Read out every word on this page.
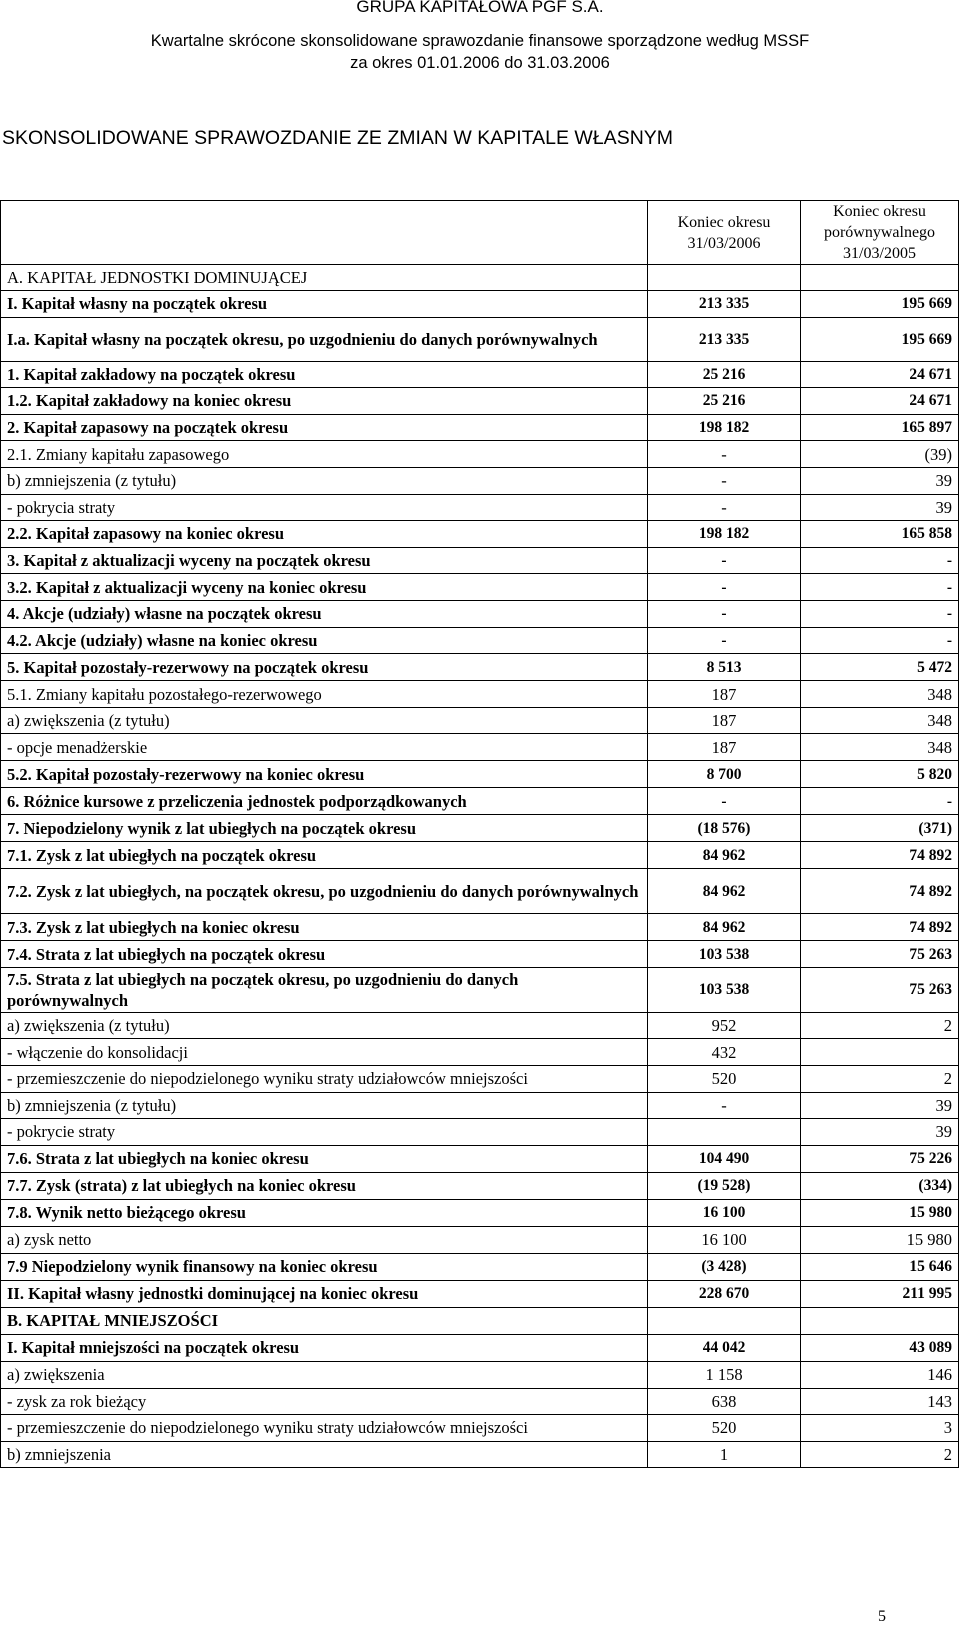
GRUPA KAPITAŁOWA PGF S.A.
Kwartalne skrócone skonsolidowane sprawozdanie finansowe sporządzone według MSSF
za okres 01.01.2006 do 31.03.2006
SKONSOLIDOWANE SPRAWOZDANIE ZE ZMIAN W KAPITALE WŁASNYM

	Koniec okresu 31/03/2006	Koniec okresu porównywalnego 31/03/2005

A. KAPITAŁ JEDNOSTKI DOMINUJĄCEJ		
I. Kapitał własny na początek okresu	213 335	195 669
I.a. Kapitał własny na początek okresu, po uzgodnieniu do danych porównywalnych	213 335	195 669
1. Kapitał zakładowy na początek okresu	25 216	24 671
1.2. Kapitał zakładowy na koniec okresu	25 216	24 671
2. Kapitał zapasowy na początek okresu	198 182	165 897
2.1. Zmiany kapitału zapasowego	-	(39)
b) zmniejszenia (z tytułu)	-	39
- pokrycia straty	-	39
2.2. Kapitał zapasowy na koniec okresu	198 182	165 858
3. Kapitał z aktualizacji wyceny na początek okresu	-	-
3.2. Kapitał z aktualizacji wyceny na koniec okresu	-	-
4. Akcje (udziały) własne na początek okresu	-	-
4.2. Akcje (udziały) własne na koniec okresu	-	-
5. Kapitał pozostały-rezerwowy na początek okresu	8 513	5 472
5.1. Zmiany kapitału pozostałego-rezerwowego	187	348
a) zwiększenia (z tytułu)	187	348
- opcje menadżerskie	187	348
5.2. Kapitał pozostały-rezerwowy na koniec okresu	8 700	5 820
6. Różnice kursowe z przeliczenia jednostek podporządkowanych	-	-
7. Niepodzielony wynik z lat ubiegłych na początek okresu	(18 576)	(371)
7.1. Zysk z lat ubiegłych na początek okresu	84 962	74 892
7.2. Zysk z lat ubiegłych, na początek okresu, po uzgodnieniu do danych porównywalnych	84 962	74 892
7.3. Zysk z lat ubiegłych na koniec okresu	84 962	74 892
7.4. Strata z lat ubiegłych na początek okresu	103 538	75 263
7.5. Strata z lat ubiegłych na początek okresu, po uzgodnieniu do danych porównywalnych	103 538	75 263
a) zwiększenia (z tytułu)	952	2
- włączenie do konsolidacji	432	
- przemieszczenie do niepodzielonego wyniku straty udziałowców mniejszości	520	2
b) zmniejszenia (z tytułu)	-	39
- pokrycie straty		39
7.6. Strata z lat ubiegłych na koniec okresu	104 490	75 226
7.7. Zysk (strata) z lat ubiegłych na koniec okresu	(19 528)	(334)
7.8. Wynik netto bieżącego okresu	16 100	15 980
a) zysk netto	16 100	15 980
7.9 Niepodzielony wynik finansowy na koniec okresu	(3 428)	15 646
II. Kapitał własny jednostki dominującej na koniec okresu	228 670	211 995
B. KAPITAŁ MNIEJSZOŚCI		
I. Kapitał mniejszości na początek okresu	44 042	43 089
a) zwiększenia	1 158	146
- zysk za rok bieżący	638	143
- przemieszczenie do niepodzielonego wyniku straty udziałowców mniejszości	520	3
b) zmniejszenia	1	2
5
